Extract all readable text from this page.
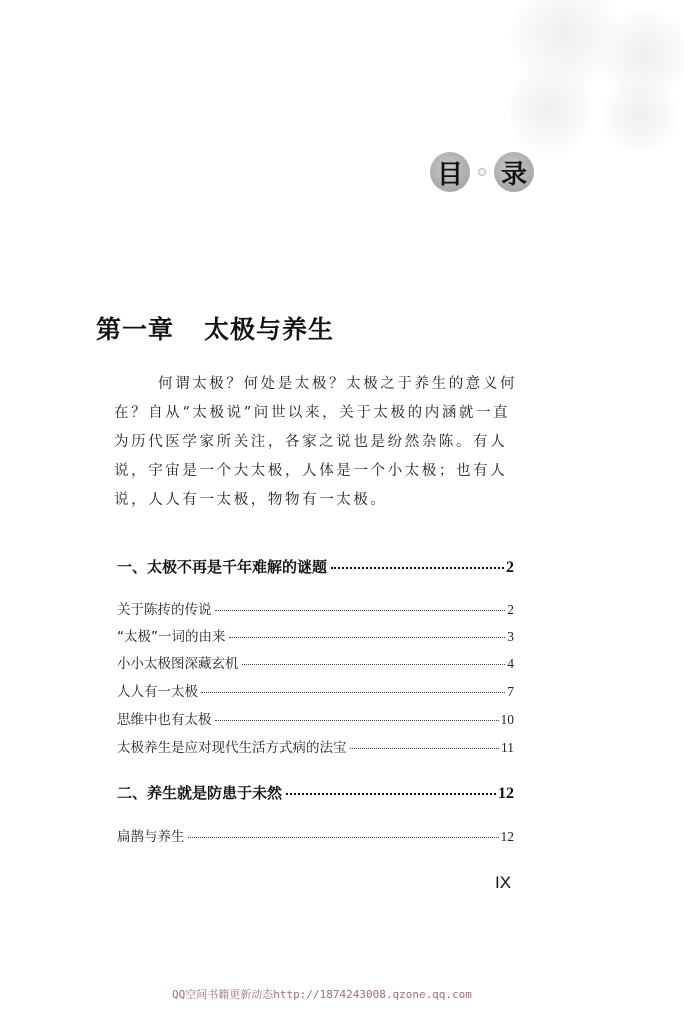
目 录
第一章 太极与养生

何谓太极？何处是太极？太极之于养生的意义何

在？自从“太极说”问世以来，关于太极的内涵就一直

为历代医学家所关注，各家之说也是纷然杂陈。有人

说，宇宙是一个大太极，人体是一个小太极；也有人

说，人人有一太极，物物有一太极。

一、太极不再是千年难解的谜题	2
关于陈抟的传说	2
“太极”一词的由来	3
小小太极图深藏玄机	4
人人有一太极	7
思维中也有太极	10
太极养生是应对现代生活方式病的法宝	11
二、养生就是防患于未然	12
扁鹊与养生	12
IX
QQ空间书籍更新动态http://1874243008.qzone.qq.com
